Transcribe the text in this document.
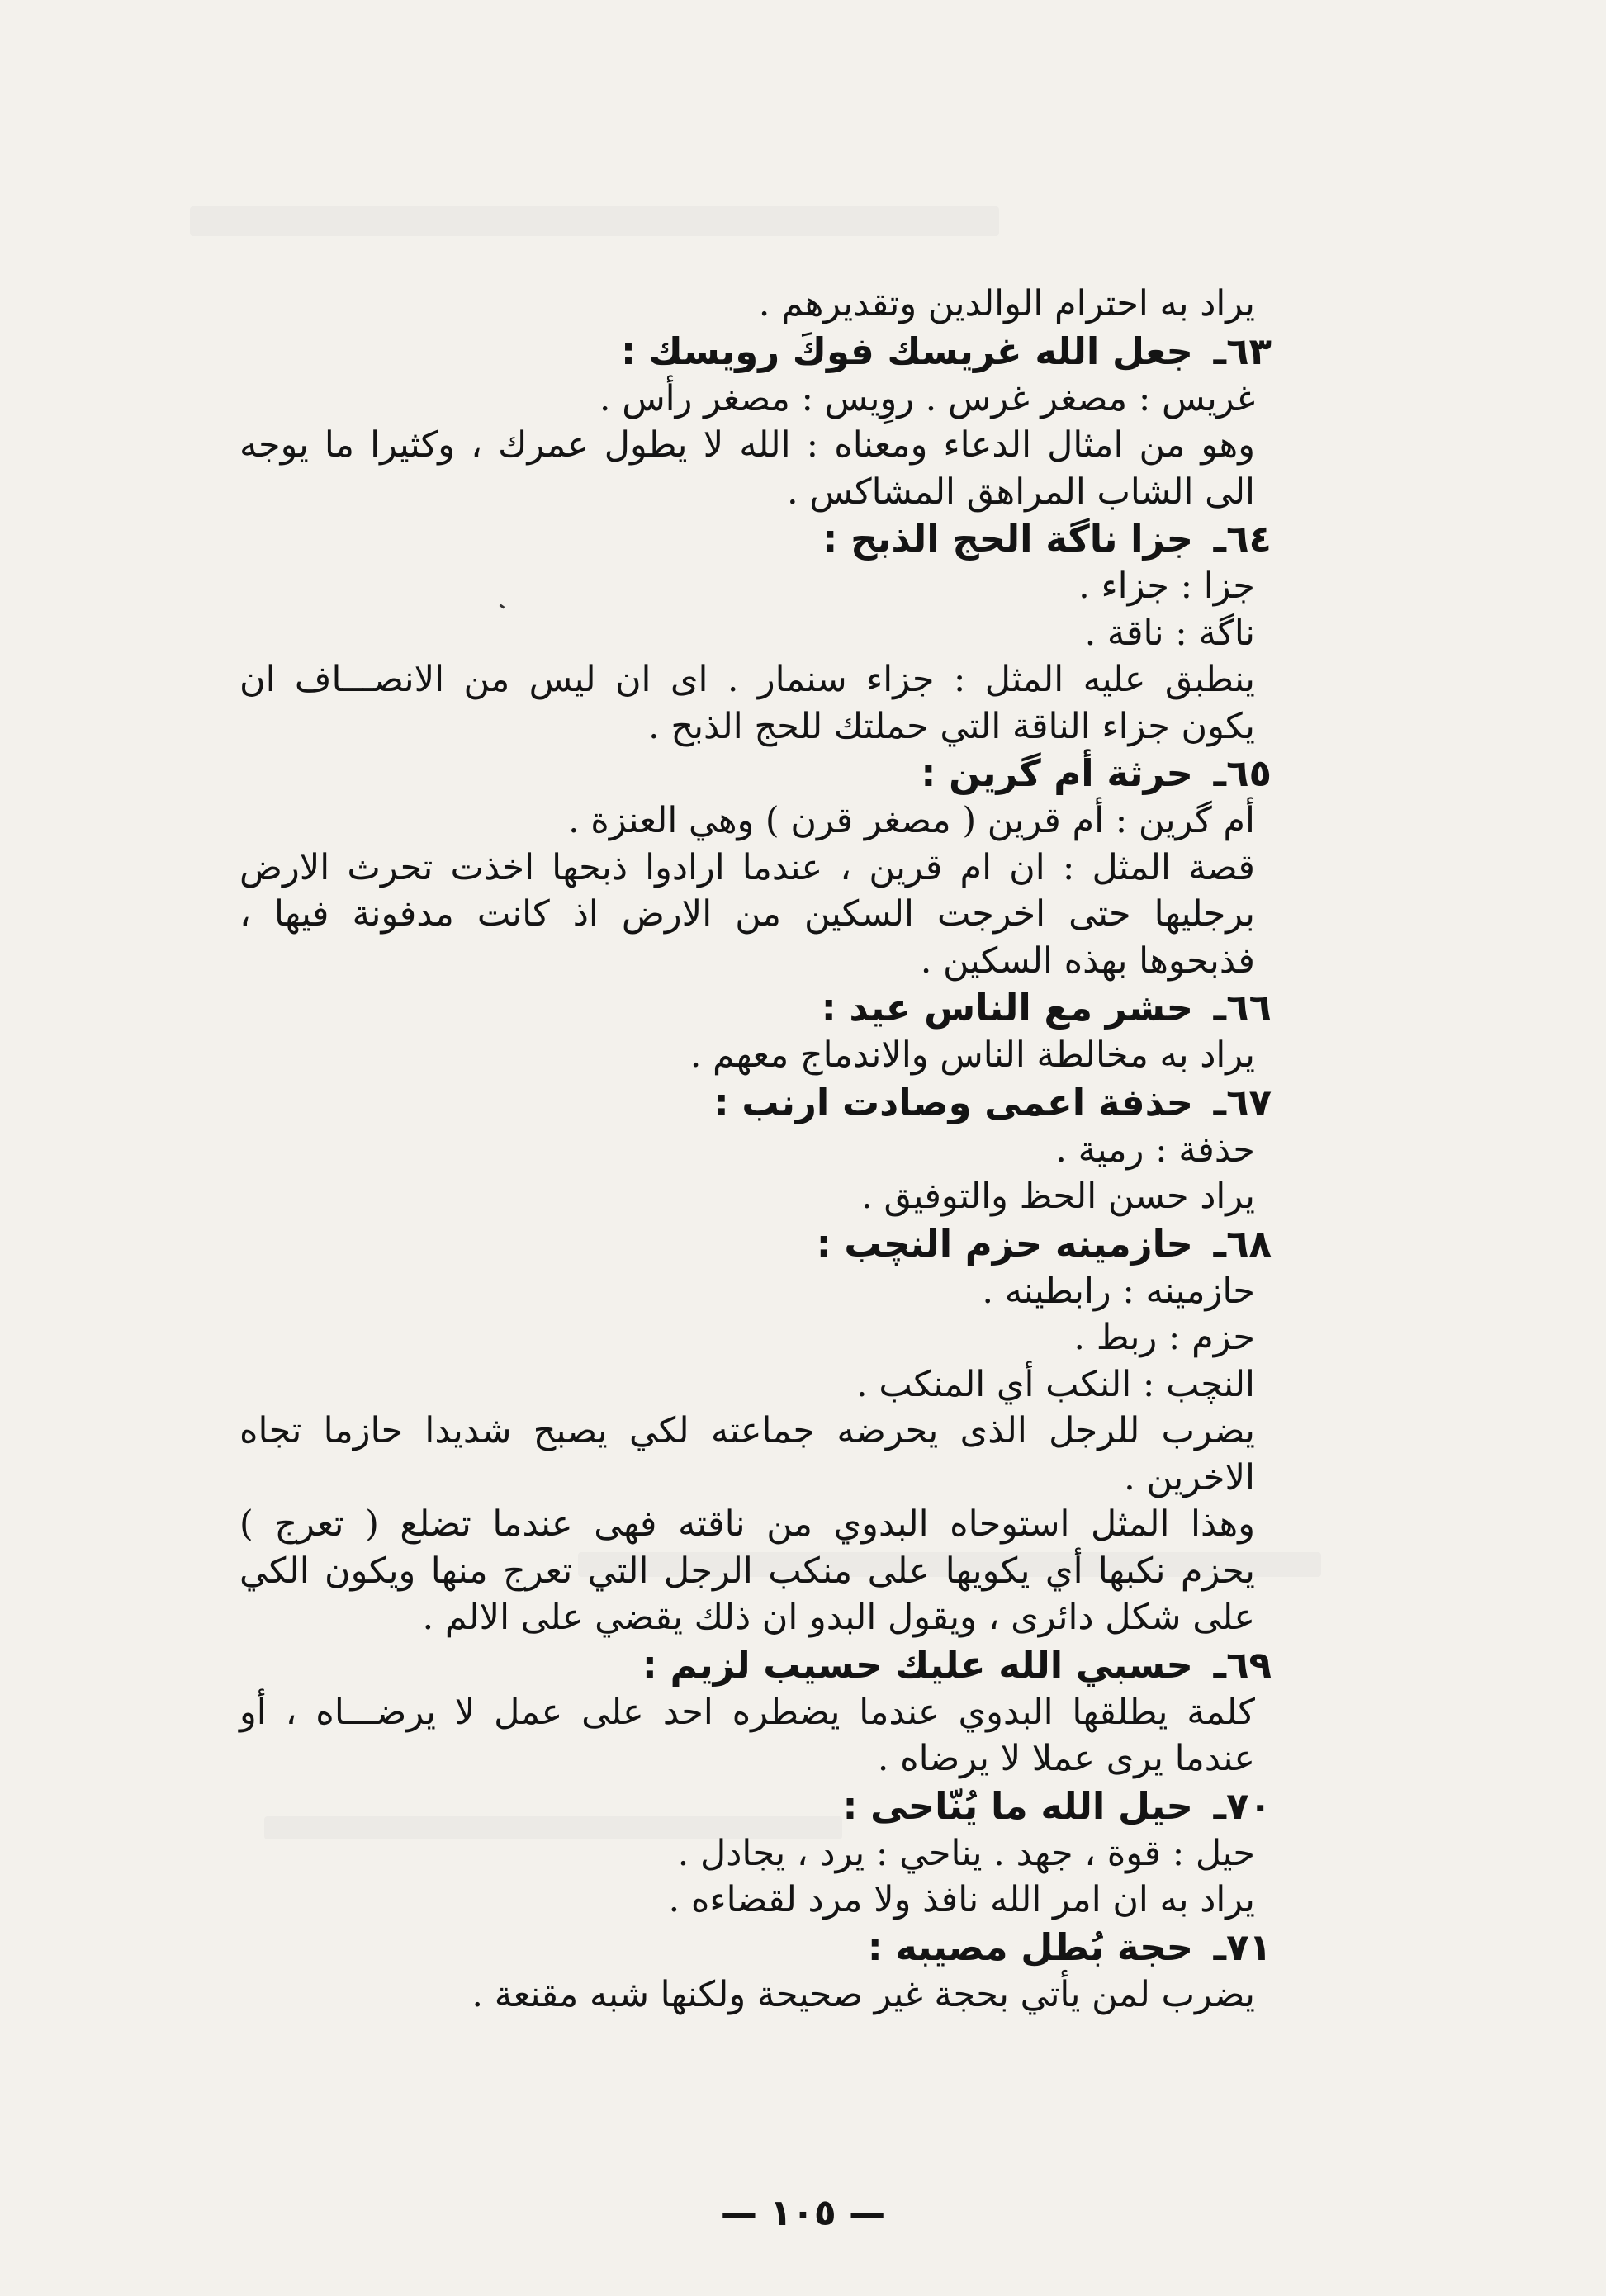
يراد به احترام الوالدين وتقديرهم .
٦٣ـجعل الله غريسك فوكَ رويسك :
غريس : مصغر غرس . روِيس : مصغر رأس .
وهو من امثال الدعاء ومعناه : الله لا يطول عمرك ، وكثيرا ما يوجه
الى الشاب المراهق المشاكس .
٦٤ـجزا ناگة الحج الذبح :
جزا : جزاء .
ناگة : ناقة .
ينطبق عليه المثل : جزاء سنمار . اى ان ليس من الانصـــاف ان
يكون جزاء الناقة التي حملتك للحج الذبح .
٦٥ـحرثة أم گرين :
أم گرين : أم قرين ( مصغر قرن ) وهي العنزة .
قصة المثل : ان ام قرين ، عندما ارادوا ذبحها اخذت تحرث الارض
برجليها حتى اخرجت السكين من الارض اذ كانت مدفونة فيها ،
فذبحوها بهذه السكين .
٦٦ـحشر مع الناس عيد :
يراد به مخالطة الناس والاندماج معهم .
٦٧ـحذفة اعمى وصادت ارنب :
حذفة : رمية .
يراد حسن الحظ والتوفيق .
٦٨ـحازمينه حزم النچب :
حازمينه : رابطينه .
حزم : ربط .
النچب : النكب أي المنكب .
يضرب للرجل الذى يحرضه جماعته لكي يصبح شديدا حازما تجاه
الاخرين .
وهذا المثل استوحاه البدوي من ناقته فهى عندما تضلع ( تعرج )
يحزم نكبها أي يكويها على منكب الرجل التي تعرج منها ويكون الكي
على شكل دائرى ، ويقول البدو ان ذلك يقضي على الالم .
٦٩ـحسبي الله عليك حسيب لزيم :
كلمة يطلقها البدوي عندما يضطره احد على عمل لا يرضـــاه ، أو
عندما يرى عملا لا يرضاه .
٧٠ـحيل الله ما يُنّاحى :
حيل : قوة ، جهد . يناحي : يرد ، يجادل .
يراد به ان امر الله نافذ ولا مرد لقضاءه .
٧١ـحجة بُطل مصيبه :
يضرب لمن يأتي بحجة غير صحيحة ولكنها شبه مقنعة .
— ١٠٥ —
